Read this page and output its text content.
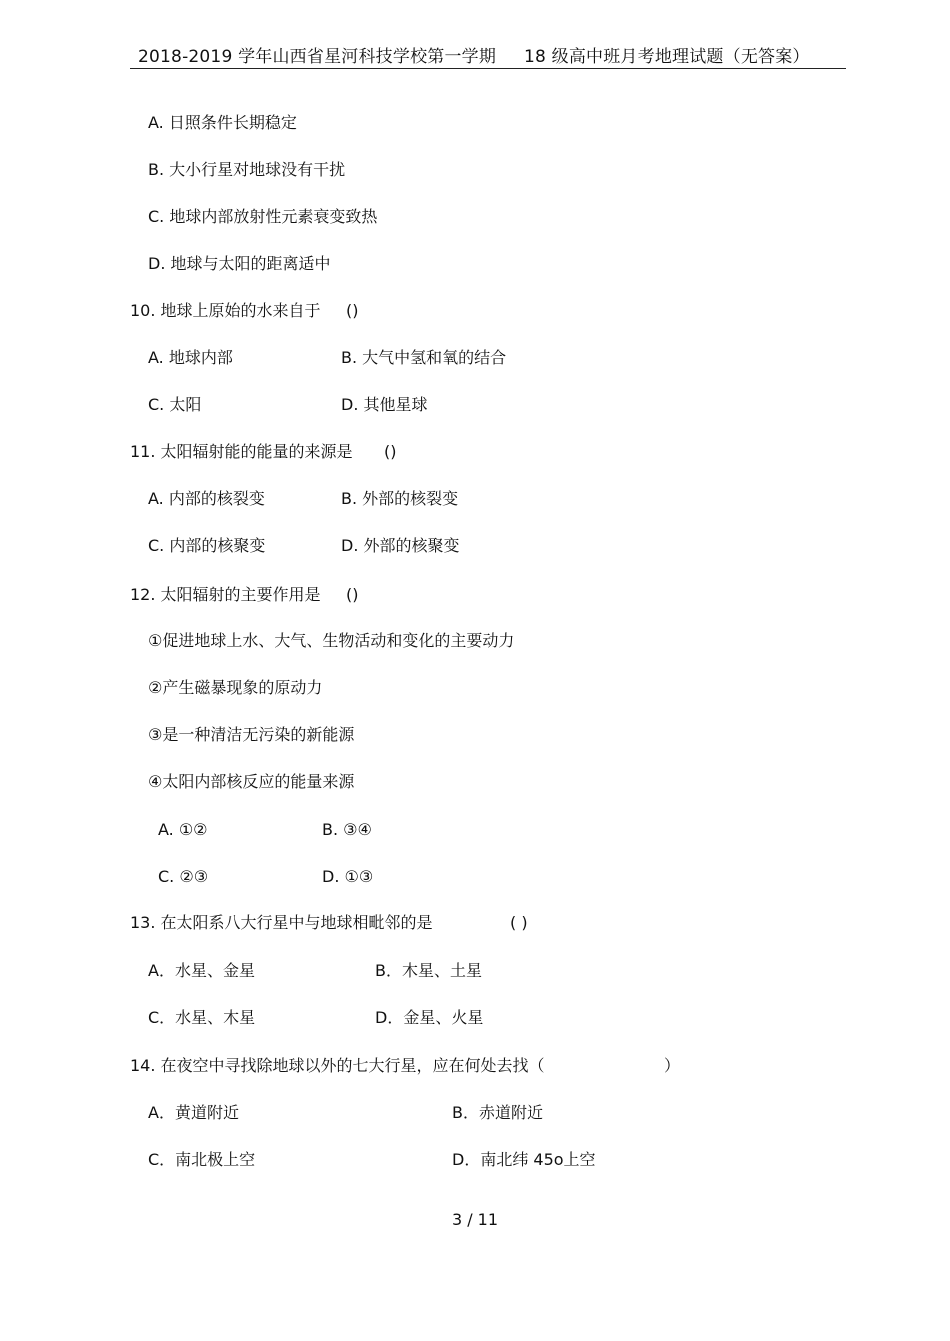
2018-2019 学年山西省星河科技学校第一学期 18 级高中班月考地理试题（无答案）
A. 日照条件长期稳定
B. 大小行星对地球没有干扰
C. 地球内部放射性元素衰变致热
D. 地球与太阳的距离适中
10. 地球上原始的水来自于 ()
A. 地球内部	B. 大气中氢和氧的结合
C. 太阳	D. 其他星球
11. 太阳辐射能的能量的来源是 ()
A. 内部的核裂变	B. 外部的核裂变
C. 内部的核聚变	D. 外部的核聚变
12. 太阳辐射的主要作用是 ()
①促进地球上水、大气、生物活动和变化的主要动力
②产生磁暴现象的原动力
③是一种清洁无污染的新能源
④太阳内部核反应的能量来源
A. ①②	B. ③④
C. ②③	D. ①③
13. 在太阳系八大行星中与地球相毗邻的是	( )
A．水星、金星	B．木星、土星
C．水星、木星	D．金星、火星
14. 在夜空中寻找除地球以外的七大行星，应在何处去找（	）
A．黄道附近	B．赤道附近
C．南北极上空	D．南北纬 45o上空
3 / 11
